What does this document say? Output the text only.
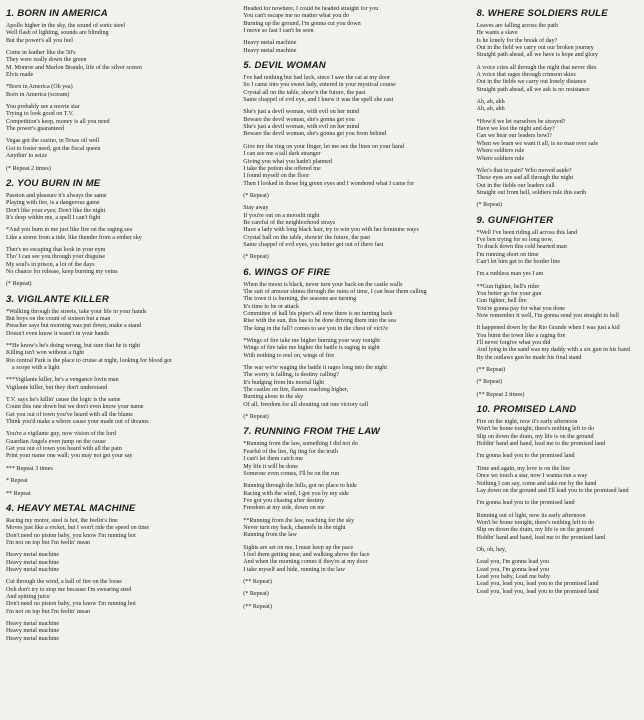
1. BORN IN AMERICA
Apollo higher in the sky, the sound of sonic steel
Well flash of lighting, sounds are blinding
But the power's all you feel
Come in leather like the 50's
They were really down the green
M. Monroe and Marlon Brando, life of the silver screen
Elvis made
*Born in America (Oh yea)
Born in America (scream)
You probably see a movie star
Trying to look good on T.V.
Competition's keep, money is all you need
The power's guaranteed
Vegas got the casino, in Texas oil well
Got to foster need, got the fiscal queen
Anythin' to seize
(* Repeat 2 times)
2. YOU BURN IN ME
Passion and pleasure it's always the same
Playing with fire, is a dangerous game
Don't like your eyes; Don't like the night
It's deep within me, a spell I can't fight
*And you burn in me just like fire on the raging sea
Like a storm from a tide, like thunder from a ember sky
Ther's no escaping that look in your eym
Tho' I can see you through your disguise
My soul's in prison, a lot of the days
No chance for release, keep burning my veins
(* Repeat)
3. VIGILANTE KILLER
*Walking through the streets, take your life in your hands
But boys on the count of sixteen but a man
Preacher says but morning was put down, make a stand
Doesn't even know it wasn't in your hands
**He know's he's doing wrong, but sure that he is right
Killing isn't won without a fight
Rio central Park is the place to cruise at night, looking for blood got
a scope with a light
***Vigilante killer, he's a vengance lovin man
Vigilante killer, but they don't understand
T.V. says he's killin' cause the logic is the same
Count this one down but we don't even know your name
Get you out of town you've heard with all the blame
Think you'd make a whore cause your made out of dreams
You're a vigilante guy, now vision of the lord
Guardian Angels even jump on the cause
Get you out of town you heard with all the pain
Print your name one wall; you may not get your say
*** Repeat 3 times
* Repeat
** Repeat
4. HEAVY METAL MACHINE
Racing my motor, steel is hot, the feelin's fine
Moves just like a rocket, but I won't ride the speed on time
Don't need no piston baby, you know I'm running hot
I'm not on top but I'm feelin' mean
Heavy metal machine
Heavy metal machine
Heavy metal machine
Cut through the wind, a ball of fire on the loose
Ooh don't try to stop me because I'm swearing steel
And spitting juice
Don't need no piston baby, you know I'm running hot
I'm not on top but I'm feelin' mean
Heavy metal machine
Heavy metal machine
Heavy metal machine
Headed for nowhere, I could be headed straight for you
You can't escape me no matter what you do
Burning up the ground, I'm gonna cut you down
I move so fast I can't be seen
Heavy metal machine
Heavy metal machine
5. DEVIL WOMAN
I've had nothing but bad luck, since I saw the cat at my door
So I came into you sweet lady, entered in your mystical course
Crystal all on the table, show'n the future, the past
Same chappel of evil eye, and I knew it was the spell she cast
She's just a devil woman, with evil on her mind
Beware the devil woman, she's gonna get you
She's just a devil woman, with evil on her mind
Beware the devil woman, she's gonna get you from behind
Give my the ring on your finger, let me see the lines on your hand
I can see me a tall dark stranger
Giving you what you hadn't planned
I take the potion she offered me
I found myself on the floor
Then I looked in those big green eyes and I wondered what I came for
(* Repeat)
Stay away
If you're out on a moonlit night
Be careful of the neighborhood strays
Have a lady with long black hair, try to win you with her feminine ways
Crystal ball on the table, showin' the future, the past
Same chappel of evil eyes, you better get out of there fast
(* Repeat)
6. WINGS OF FIRE
When the moon is black, never turn your back on the castle walls
The suit of armour shines through the ruins of time, I can hear them calling
The town it is burning, the seasons are turning
It's time to be or attack
Committee of hall his piper's all now there is no turning back
Rise with the sun, this has to be done driving them into the sea
The king in the fall? comes to see you in the chest of vict?e
*Wings of fire take me higher burning your way tonight
Wings of fire take me higher the battle is raging in sight
With nothing to reel on, wings of fire
The war we're waging the battle it rages long into the night
The worry is falling, is destiny calling?
It's budging from his mortal light
The castles on fire, flames reaching higher,
Burning alone in the sky
Of all, freedom for all shouting out one victory call
(* Repeat)
7. RUNNING FROM THE LAW
*Running from the law, something I did not do
Fearful of the lies, fig ting for the truth
I can't let them catch me
My life it will be done
Someone even comes, I'll be on the run
Running through the hills, got no place to hide
Racing with the wind, I got you by my side
I've got you chasing after destiny
Freedom at my side, down on me
**Running from the law, reaching for the sky
Never turn my back, channels in the night
Running from the law
Sights are set on me, I must keep up the pace
I feel them getting near, and walking above the face
And when the morning comes if they're at my door
I take myself and hide, running in the law
(** Repeat)
(* Repeat)
(** Repeat)
8. WHERE SOLDIERS RULE
Leaves are falling across the path
He wants a slave
Is he lonely for the break of day?
Out in the field we carry out our broken journey
Straight path ahead, all we have is hope and glory
A voice cries all through the night that never dies
A voice that rages through crimson skies
Out in the fields we carry out lonely distance
Straight path ahead, all we ask is no resistance
Ah, ah, ahh
Ah, ah, ahh
*How'd we let ourselves be strayed?
Have we lost the night and day?
Can we hear our leaders howl?
When we learn we want it all, is no man ever safe
Where soldiers rule
Where soldiers rule
Who's that in pain? Who moved aside?
These eyes are sad all through the night
Out in the fields our leaders call
Straight out from hell, soldiers rule this earth
(* Repeat)
9. GUNFIGHTER
*Well I've been riding all across this land
I've ben trying for so long now,
To drack down this cold hearted man
I'm running short on time
Can't let him get to the border line
I'm a ruthless man yes I am
**Gun fighter, hell's rider
You better go for your gun
Gun fighter, hell fire
You're gonna pay for what you done
Now remember it well, I'm gonna send you straight to hell
It happened down by the Rio Grande when I was just a kid
You burnt the town like a raging fire
I'll never forgive what you did
And lying in the sand was my daddy with a six gun in his hand
By the outlaws gun he made his final stand
(** Repeat)
(* Repeat)
(** Repeat 2 times)
10. PROMISED LAND
Fire on the night, now it's early afternoon
Won't be home tonight, there's nothing left to do
Slip on down the drain, my life is on the ground
Holdin' hand and hand, lead me to the promised land
I'm gonna lead you to the promised land
Time and again, my love is on the line
Once we touch a star, now I wanna run a way
Nothing I can say, come and take me by the hand
Lay down on the ground and I'll lead you to the promised land
I'm gonna lead you to the promised land
Running out of light, now its early afternoon
Won't be home tonight, there's nothing left to do
Slip on down the drain, my life is on the ground
Holdin' hand and hand, lead me to the promised land
Oh, oh, hey,
Lead you, I'm gonna lead you
Lead you, I'm gonna lead you
Lead you baby, Lead me baby
Lead you, lead you, lead you to the promised land
Lead you, lead you, lead you to the promised land
